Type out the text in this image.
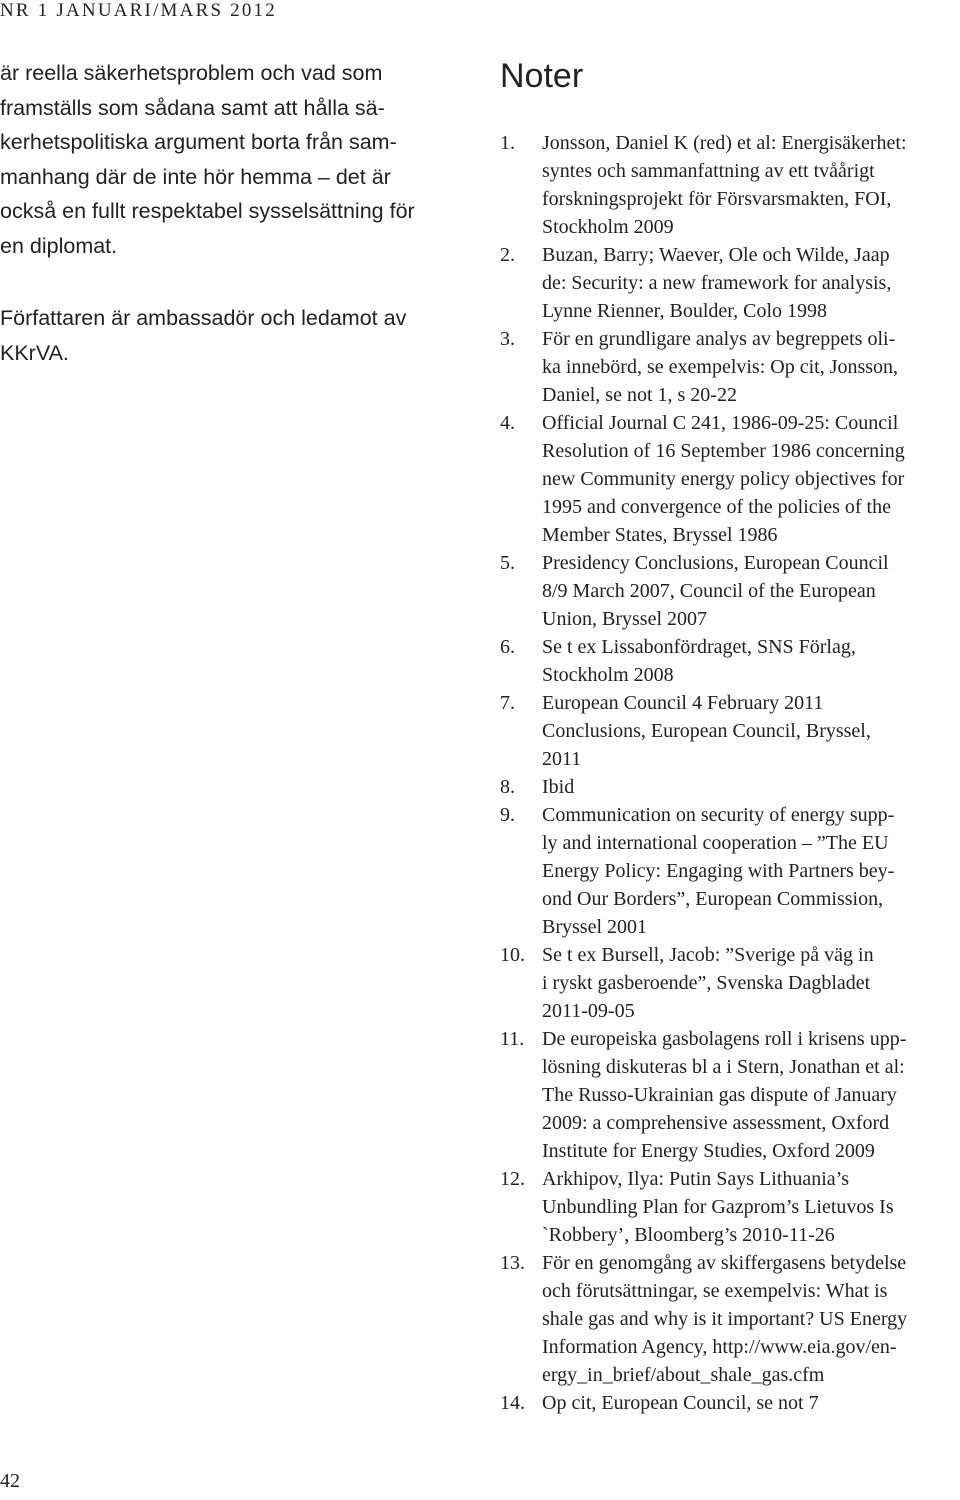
NR 1 JANUARI/MARS 2012

är reella säkerhetsproblem och vad som
framställs som sådana samt att hålla sä-
kerhetspolitiska argument borta från sam-
manhang där de inte hör hemma – det är
också en fullt respektabel sysselsättning för
en diplomat.

Författaren är ambassadör och ledamot av
KKrVA.

Noter
1.	Jonsson, Daniel K (red) et al: Energisäkerhet:
syntes och sammanfattning av ett tvåårigt
forskningsprojekt för Försvarsmakten, FOI,
Stockholm 2009
2.	Buzan, Barry; Waever, Ole och Wilde, Jaap
de: Security: a new framework for analysis,
Lynne Rienner, Boulder, Colo 1998
3.	För en grundligare analys av begreppets oli-
ka innebörd, se exempelvis: Op cit, Jonsson,
Daniel, se not 1, s 20-22
4.	Official Journal C 241, 1986-09-25: Council
Resolution of 16 September 1986 concerning
new Community energy policy objectives for
1995 and convergence of the policies of the
Member States, Bryssel 1986
5.	Presidency Conclusions, European Council
8/9 March 2007, Council of the European
Union, Bryssel 2007
6.	Se t ex Lissabonfördraget, SNS Förlag,
Stockholm 2008
7.	European Council 4 February 2011
Conclusions, European Council, Bryssel,
2011
8.	Ibid
9.	Communication on security of energy supp-
ly and international cooperation – ”The EU
Energy Policy: Engaging with Partners bey-
ond Our Borders”, European Commission,
Bryssel 2001
10. Se t ex Bursell, Jacob: ”Sverige på väg in
i ryskt gasberoende”, Svenska Dagbladet
2011-09-05
11. De europeiska gasbolagens roll i krisens upp-
lösning diskuteras bl a i Stern, Jonathan et al:
The Russo-Ukrainian gas dispute of January
2009: a comprehensive assessment, Oxford
Institute for Energy Studies, Oxford 2009
12. Arkhipov, Ilya: Putin Says Lithuania’s
Unbundling Plan for Gazprom’s Lietuvos Is
`Robbery’, Bloomberg’s 2010-11-26
13. För en genomgång av skiffergasens betydelse
och förutsättningar, se exempelvis: What is
shale gas and why is it important? US Energy
Information Agency, http://www.eia.gov/en-
ergy_in_brief/about_shale_gas.cfm
14. Op cit, European Council, se not 7
42
